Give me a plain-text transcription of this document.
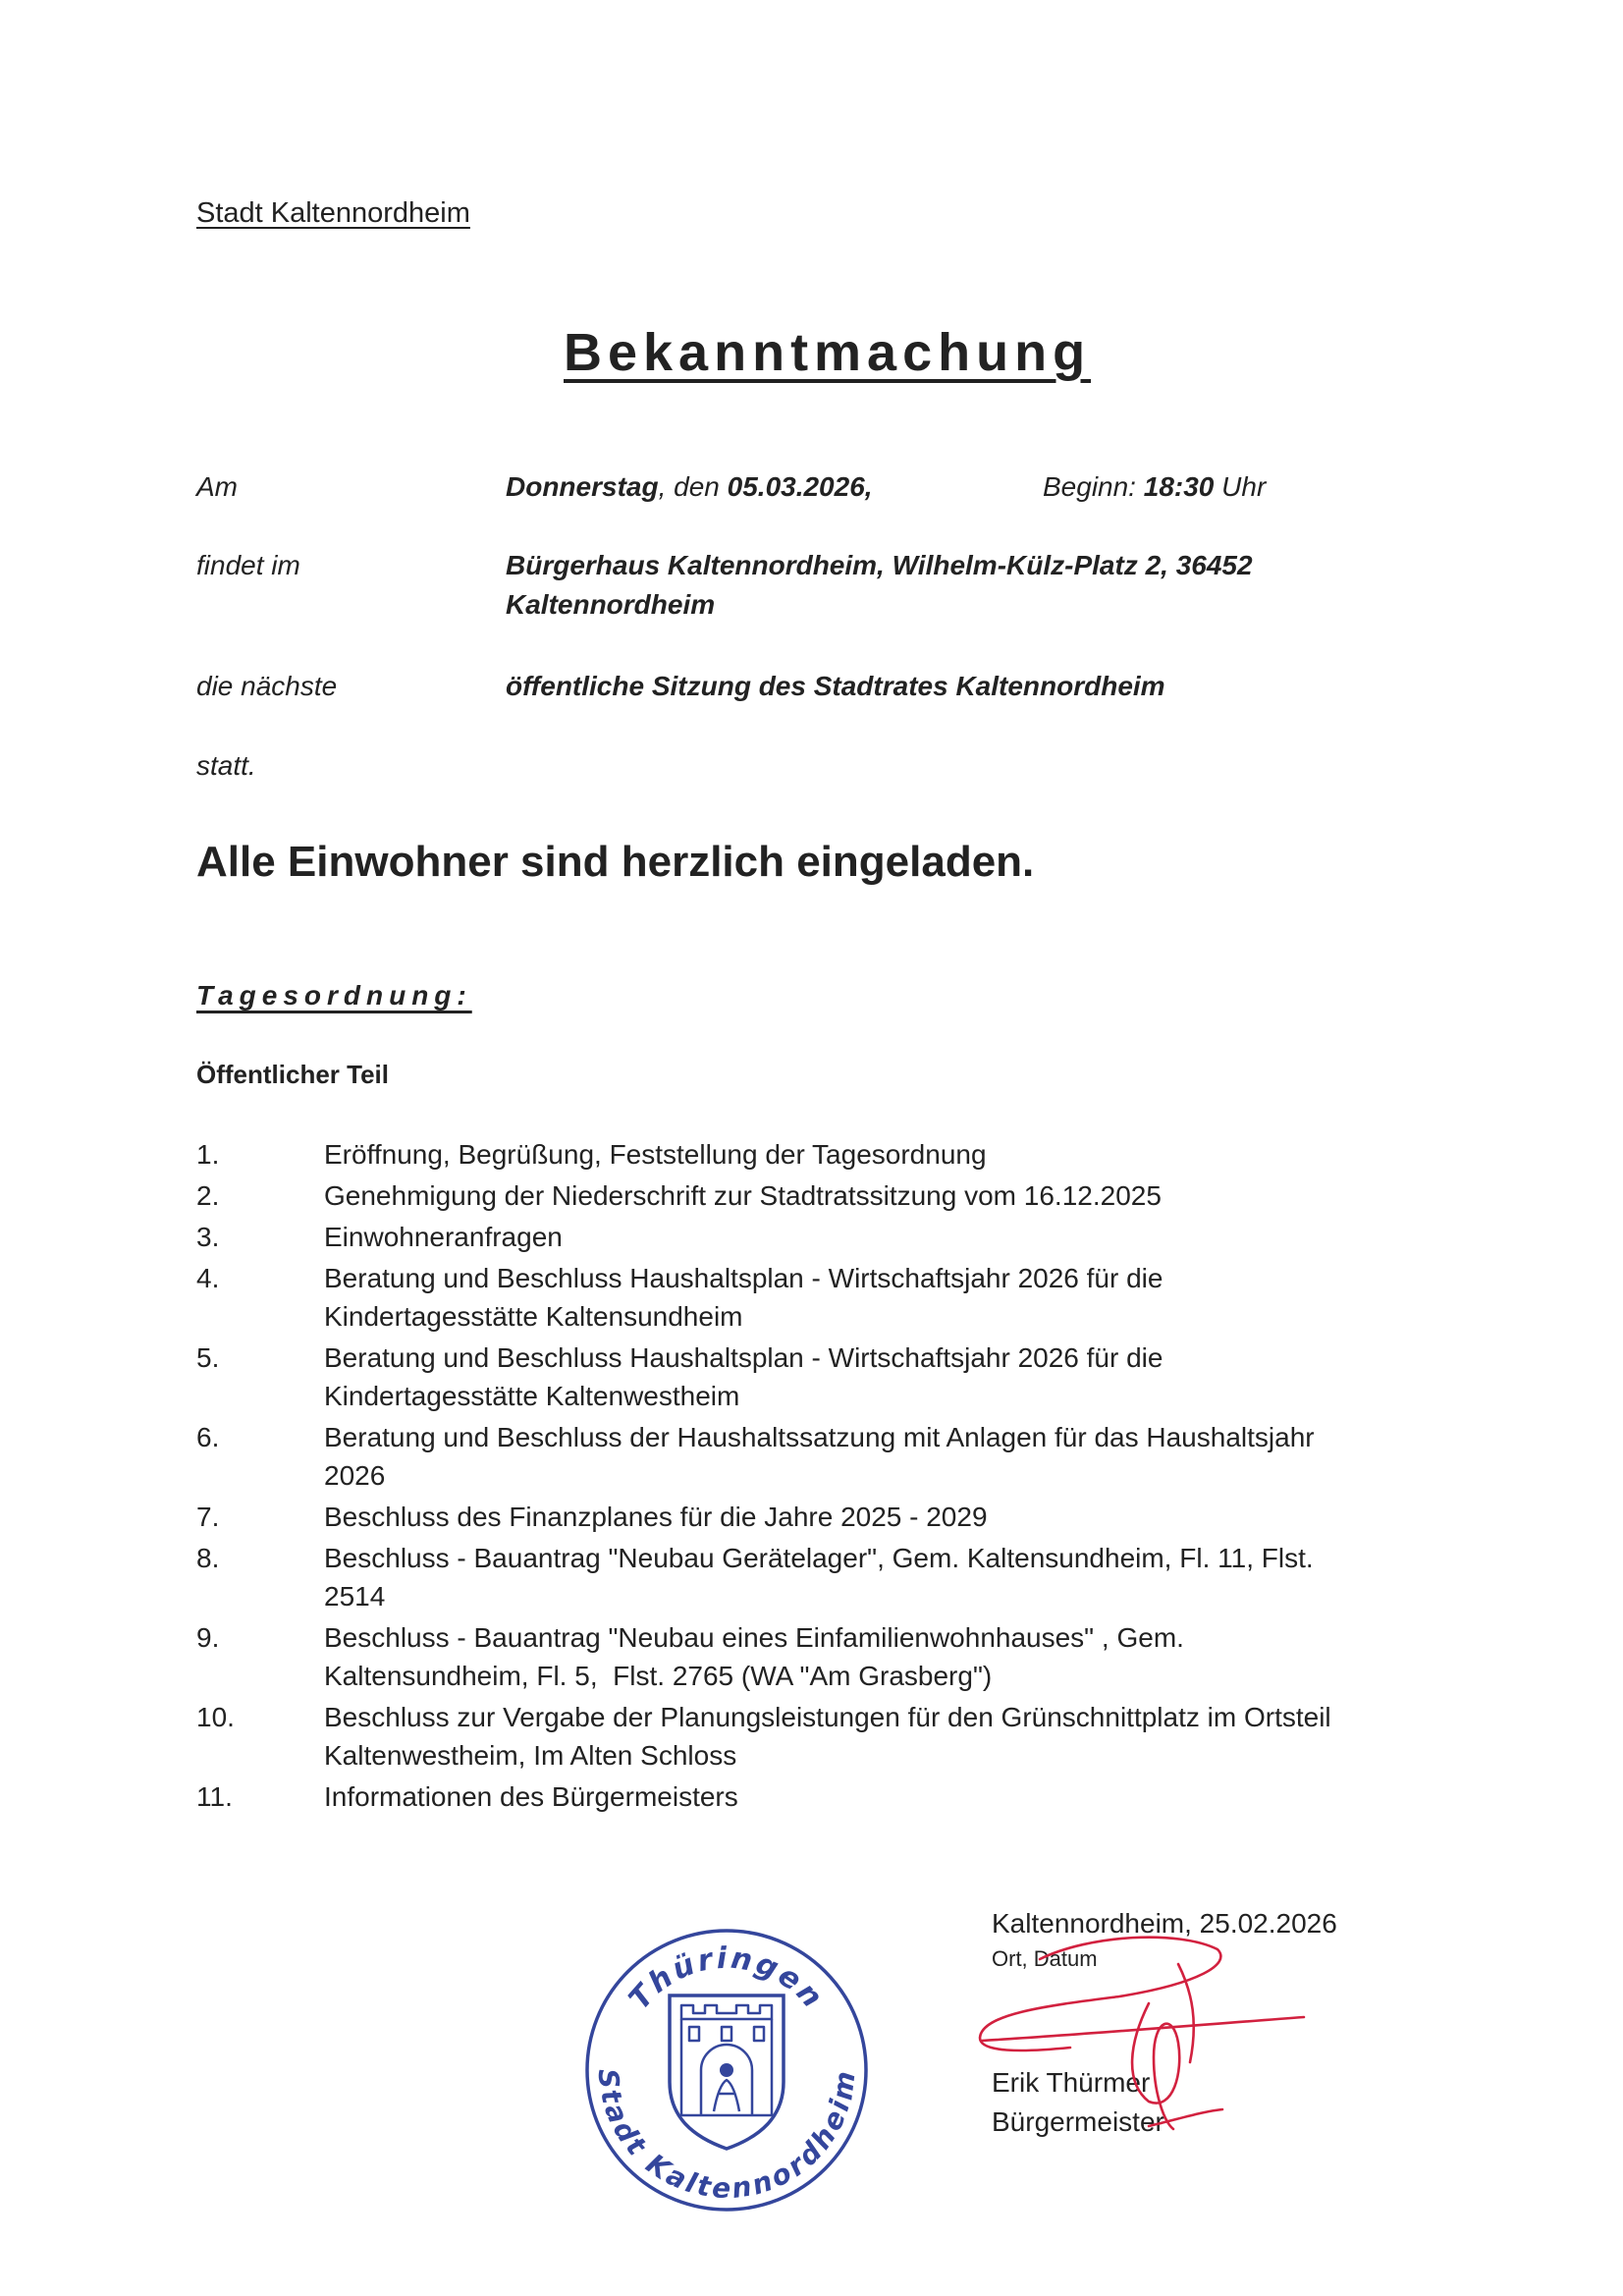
Stadt Kaltennordheim
Bekanntmachung
Am	Donnerstag, den 05.03.2026,	Beginn: 18:30 Uhr
findet im	Bürgerhaus Kaltennordheim, Wilhelm-Külz-Platz 2, 36452
Kaltennordheim
die nächste	öffentliche Sitzung des Stadtrates Kaltennordheim
statt.
Alle Einwohner sind herzlich eingeladen.
Tagesordnung:
Öffentlicher Teil
1.	Eröffnung, Begrüßung, Feststellung der Tagesordnung
2.	Genehmigung der Niederschrift zur Stadtratssitzung vom 16.12.2025
3.	Einwohneranfragen
4.	Beratung und Beschluss Haushaltsplan - Wirtschaftsjahr 2026 für die
Kindertagesstätte Kaltensundheim
5.	Beratung und Beschluss Haushaltsplan - Wirtschaftsjahr 2026 für die
Kindertagesstätte Kaltenwestheim
6.	Beratung und Beschluss der Haushaltssatzung mit Anlagen für das Haushaltsjahr
2026
7.	Beschluss des Finanzplanes für die Jahre 2025 - 2029
8.	Beschluss - Bauantrag "Neubau Gerätelager", Gem. Kaltensundheim, Fl. 11, Flst.
2514
9.	Beschluss - Bauantrag "Neubau eines Einfamilienwohnhauses" , Gem.
Kaltensundheim, Fl. 5,  Flst. 2765 (WA "Am Grasberg")
10.	Beschluss zur Vergabe der Planungsleistungen für den Grünschnittplatz im Ortsteil
Kaltenwestheim, Im Alten Schloss
11.	Informationen des Bürgermeisters
Kaltennordheim, 25.02.2026
Ort, Datum
Erik Thürmer
Bürgermeister
Thüringen
Stadt Kaltennordheim
